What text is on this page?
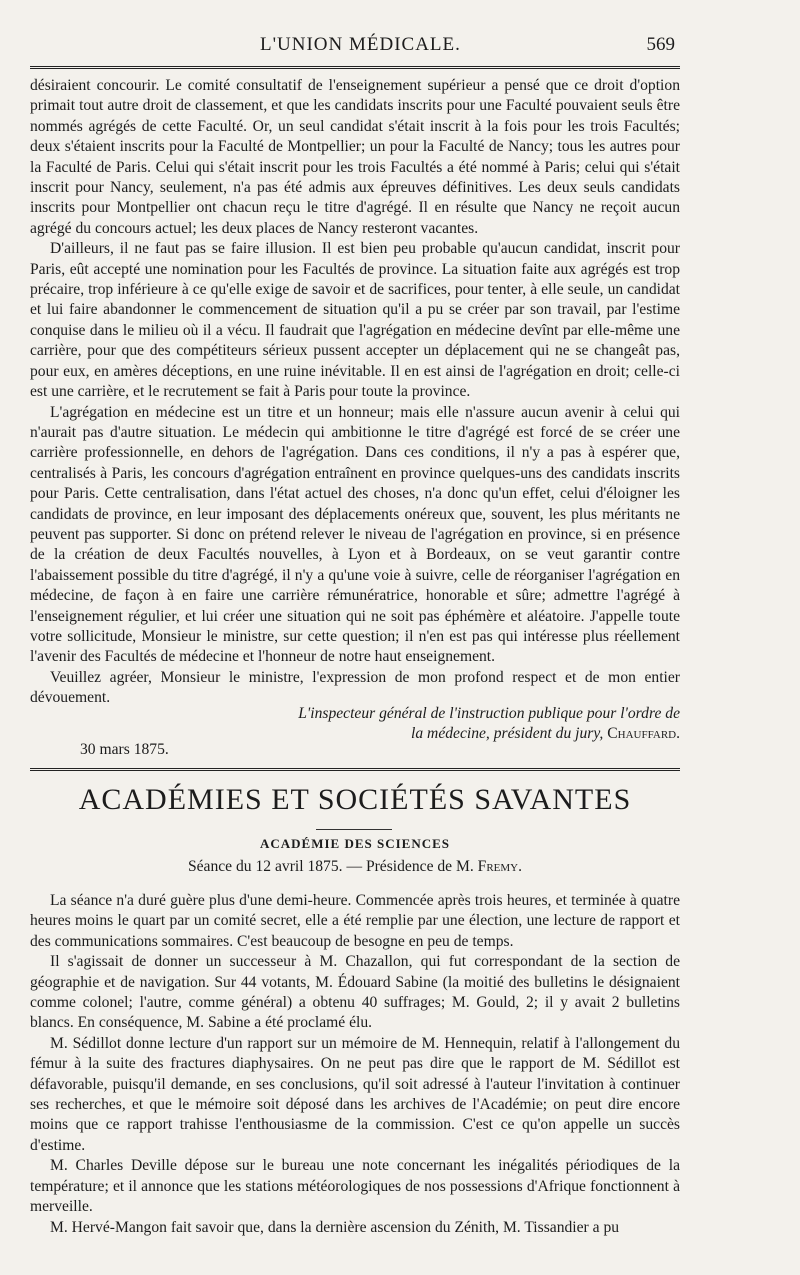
L'UNION MÉDICALE.	569

désiraient concourir. Le comité consultatif de l'enseignement supérieur a pensé que ce droit d'option primait tout autre droit de classement, et que les candidats inscrits pour une Faculté pouvaient seuls être nommés agrégés de cette Faculté. Or, un seul candidat s'était inscrit à la fois pour les trois Facultés; deux s'étaient inscrits pour la Faculté de Montpellier; un pour la Faculté de Nancy; tous les autres pour la Faculté de Paris. Celui qui s'était inscrit pour les trois Facultés a été nommé à Paris; celui qui s'était inscrit pour Nancy, seulement, n'a pas été admis aux épreuves définitives. Les deux seuls candidats inscrits pour Montpellier ont chacun reçu le titre d'agrégé. Il en résulte que Nancy ne reçoit aucun agrégé du concours actuel; les deux places de Nancy resteront vacantes.

D'ailleurs, il ne faut pas se faire illusion. Il est bien peu probable qu'aucun candidat, inscrit pour Paris, eût accepté une nomination pour les Facultés de province. La situation faite aux agrégés est trop précaire, trop inférieure à ce qu'elle exige de savoir et de sacrifices, pour tenter, à elle seule, un candidat et lui faire abandonner le commencement de situation qu'il a pu se créer par son travail, par l'estime conquise dans le milieu où il a vécu. Il faudrait que l'agrégation en médecine devînt par elle-même une carrière, pour que des compétiteurs sérieux pussent accepter un déplacement qui ne se changeât pas, pour eux, en amères déceptions, en une ruine inévitable. Il en est ainsi de l'agrégation en droit; celle-ci est une carrière, et le recrutement se fait à Paris pour toute la province.

L'agrégation en médecine est un titre et un honneur; mais elle n'assure aucun avenir à celui qui n'aurait pas d'autre situation. Le médecin qui ambitionne le titre d'agrégé est forcé de se créer une carrière professionnelle, en dehors de l'agrégation. Dans ces conditions, il n'y a pas à espérer que, centralisés à Paris, les concours d'agrégation entraînent en province quelques-uns des candidats inscrits pour Paris. Cette centralisation, dans l'état actuel des choses, n'a donc qu'un effet, celui d'éloigner les candidats de province, en leur imposant des déplacements onéreux que, souvent, les plus méritants ne peuvent pas supporter. Si donc on prétend relever le niveau de l'agrégation en province, si en présence de la création de deux Facultés nouvelles, à Lyon et à Bordeaux, on se veut garantir contre l'abaissement possible du titre d'agrégé, il n'y a qu'une voie à suivre, celle de réorganiser l'agrégation en médecine, de façon à en faire une carrière rémunératrice, honorable et sûre; admettre l'agrégé à l'enseignement régulier, et lui créer une situation qui ne soit pas éphémère et aléatoire. J'appelle toute votre sollicitude, Monsieur le ministre, sur cette question; il n'en est pas qui intéresse plus réellement l'avenir des Facultés de médecine et l'honneur de notre haut enseignement.

Veuillez agréer, Monsieur le ministre, l'expression de mon profond respect et de mon entier dévouement.

L'inspecteur général de l'instruction publique pour l'ordre de
la médecine, président du jury, Chauffard.
30 mars 1875.
ACADÉMIES ET SOCIÉTÉS SAVANTES
ACADÉMIE DES SCIENCES
Séance du 12 avril 1875. — Présidence de M. Fremy.

La séance n'a duré guère plus d'une demi-heure. Commencée après trois heures, et terminée à quatre heures moins le quart par un comité secret, elle a été remplie par une élection, une lecture de rapport et des communications sommaires. C'est beaucoup de besogne en peu de temps.

Il s'agissait de donner un successeur à M. Chazallon, qui fut correspondant de la section de géographie et de navigation. Sur 44 votants, M. Édouard Sabine (la moitié des bulletins le désignaient comme colonel; l'autre, comme général) a obtenu 40 suffrages; M. Gould, 2; il y avait 2 bulletins blancs. En conséquence, M. Sabine a été proclamé élu.

M. Sédillot donne lecture d'un rapport sur un mémoire de M. Hennequin, relatif à l'allongement du fémur à la suite des fractures diaphysaires. On ne peut pas dire que le rapport de M. Sédillot est défavorable, puisqu'il demande, en ses conclusions, qu'il soit adressé à l'auteur l'invitation à continuer ses recherches, et que le mémoire soit déposé dans les archives de l'Académie; on peut dire encore moins que ce rapport trahisse l'enthousiasme de la commission. C'est ce qu'on appelle un succès d'estime.

M. Charles Deville dépose sur le bureau une note concernant les inégalités périodiques de la température; et il annonce que les stations météorologiques de nos possessions d'Afrique fonctionnent à merveille.

M. Hervé-Mangon fait savoir que, dans la dernière ascension du Zénith, M. Tissandier a pu
